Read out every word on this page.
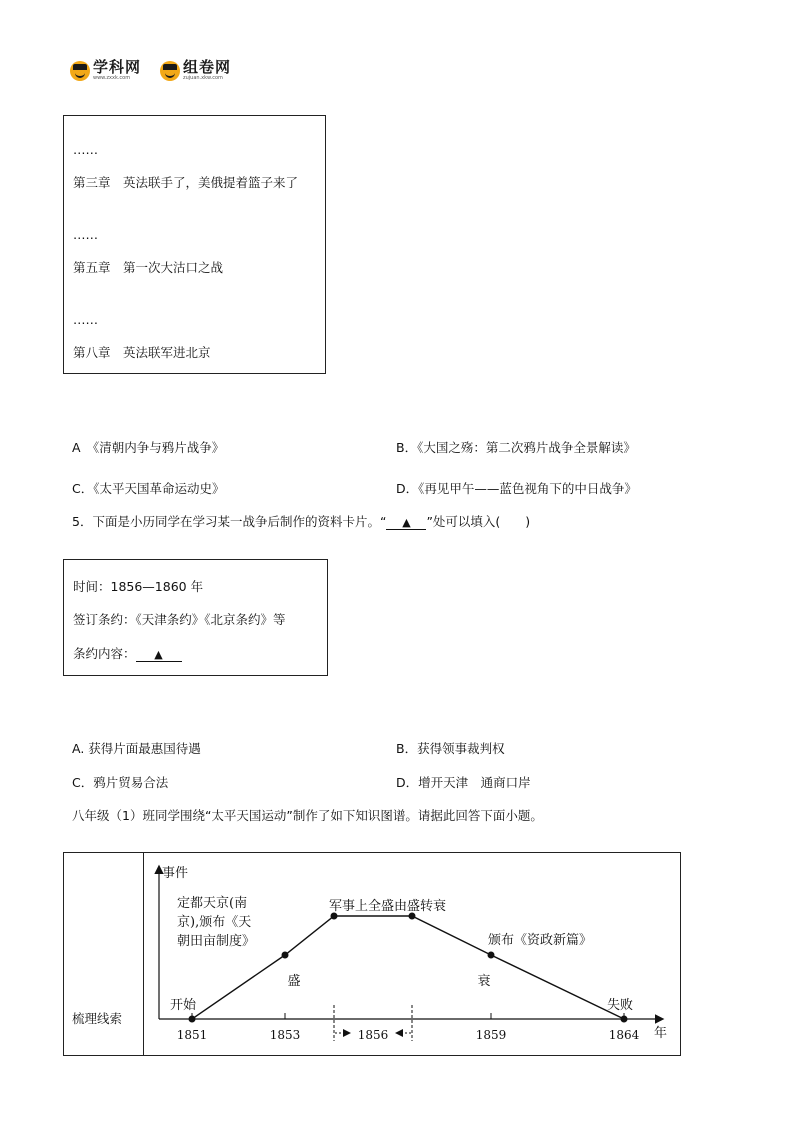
学科网
www.zxxk.com
组卷网
zujuan.xkw.com
……
第三章　英法联手了，美俄提着篮子来了
……
第五章　第一次大沽口之战
……
第八章　英法联军进北京
A　《清朝内争与鸦片战争》	B．《大国之殇：第二次鸦片战争全景解读》
C．《太平天国革命运动史》	D．《再见甲午——蓝色视角下的中日战争》
5．下面是小历同学在学习某一战争后制作的资料卡片。“ ▲ ”处可以填入(　　)
时间：1856—1860 年
签订条约：《天津条约》《北京条约》等
条约内容： ▲
A. 获得片面最惠国待遇	B．获得领事裁判权
C．鸦片贸易合法	D．增开天津　通商口岸
八年级（1）班同学围绕“太平天国运动”制作了如下知识图谱。请据此回答下面小题。
梳理线索
事件
年
1851	1853	1856	1859	1864
开始
定都天京(南
京),颁布《天
朝田亩制度》
军事上全盛 由盛转衰
颁布《资政新篇》
失败
盛	衰
